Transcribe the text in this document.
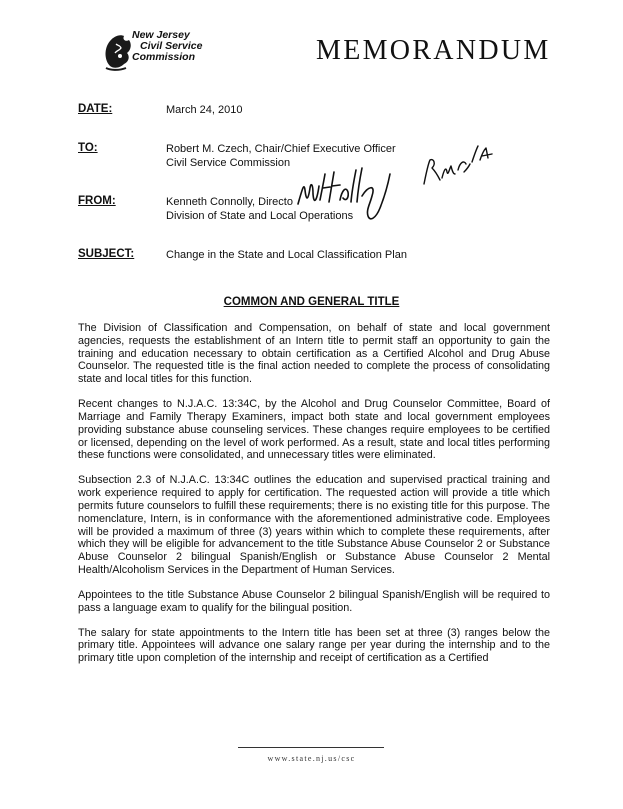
New Jersey
Civil Service
Commission	MEMORANDUM
DATE:	March 24, 2010
TO:	Robert M. Czech, Chair/Chief Executive Officer
Civil Service Commission
FROM:	Kenneth Connolly, Directo
Division of State and Local Operations
SUBJECT:	Change in the State and Local Classification Plan
COMMON AND GENERAL TITLE

The Division of Classification and Compensation, on behalf of state and local government agencies, requests the establishment of an Intern title to permit staff an opportunity to gain the training and education necessary to obtain certification as a Certified Alcohol and Drug Abuse Counselor. The requested title is the final action needed to complete the process of consolidating state and local titles for this function.

Recent changes to N.J.A.C. 13:34C, by the Alcohol and Drug Counselor Committee, Board of Marriage and Family Therapy Examiners, impact both state and local government employees providing substance abuse counseling services. These changes require employees to be certified or licensed, depending on the level of work performed. As a result, state and local titles performing these functions were consolidated, and unnecessary titles were eliminated.

Subsection 2.3 of N.J.A.C. 13:34C outlines the education and supervised practical training and work experience required to apply for certification. The requested action will provide a title which permits future counselors to fulfill these requirements; there is no existing title for this purpose. The nomenclature, Intern, is in conformance with the aforementioned administrative code. Employees will be provided a maximum of three (3) years within which to complete these requirements, after which they will be eligible for advancement to the title Substance Abuse Counselor 2 or Substance Abuse Counselor 2 bilingual Spanish/English or Substance Abuse Counselor 2 Mental Health/Alcoholism Services in the Department of Human Services.

Appointees to the title Substance Abuse Counselor 2 bilingual Spanish/English will be required to pass a language exam to qualify for the bilingual position.

The salary for state appointments to the Intern title has been set at three (3) ranges below the primary title. Appointees will advance one salary range per year during the internship and to the primary title upon completion of the internship and receipt of certification as a Certified

www.state.nj.us/csc
